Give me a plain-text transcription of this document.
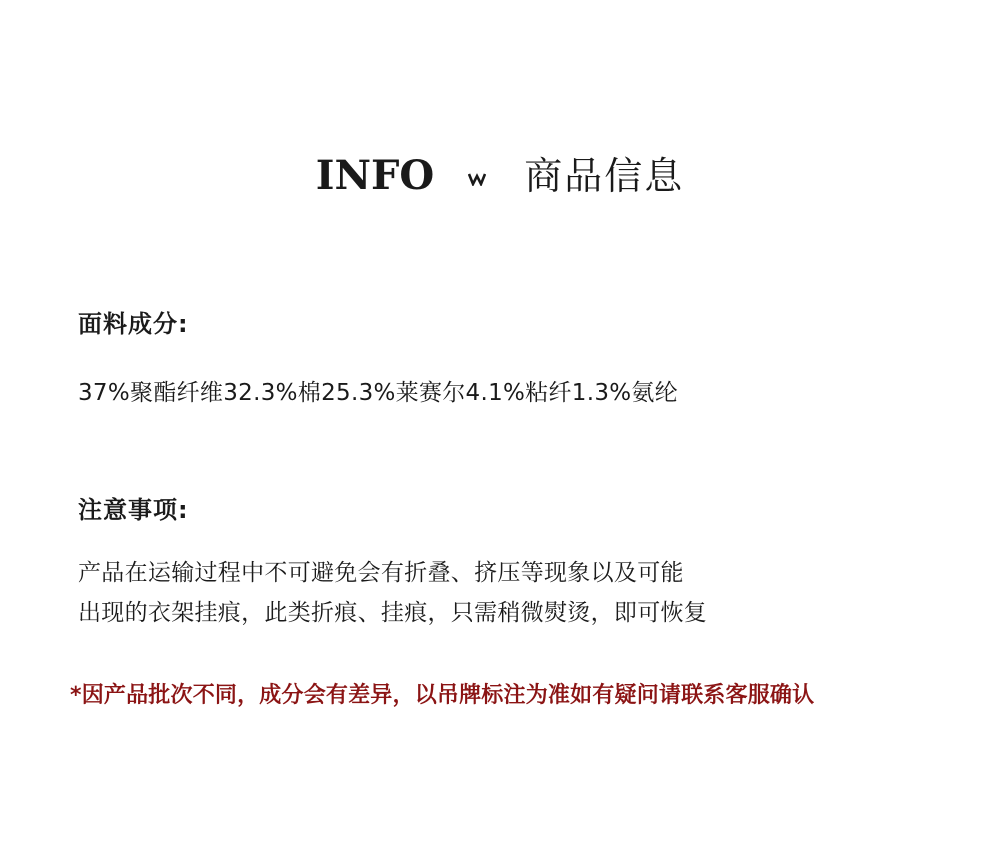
INFO 商品信息
面料成分:
37%聚酯纤维32.3%棉25.3%莱赛尔4.1%粘纤1.3%氨纶
注意事项:
产品在运输过程中不可避免会有折叠、挤压等现象以及可能
出现的衣架挂痕，此类折痕、挂痕，只需稍微熨烫，即可恢复
*因产品批次不同，成分会有差异，以吊牌标注为准如有疑问请联系客服确认
